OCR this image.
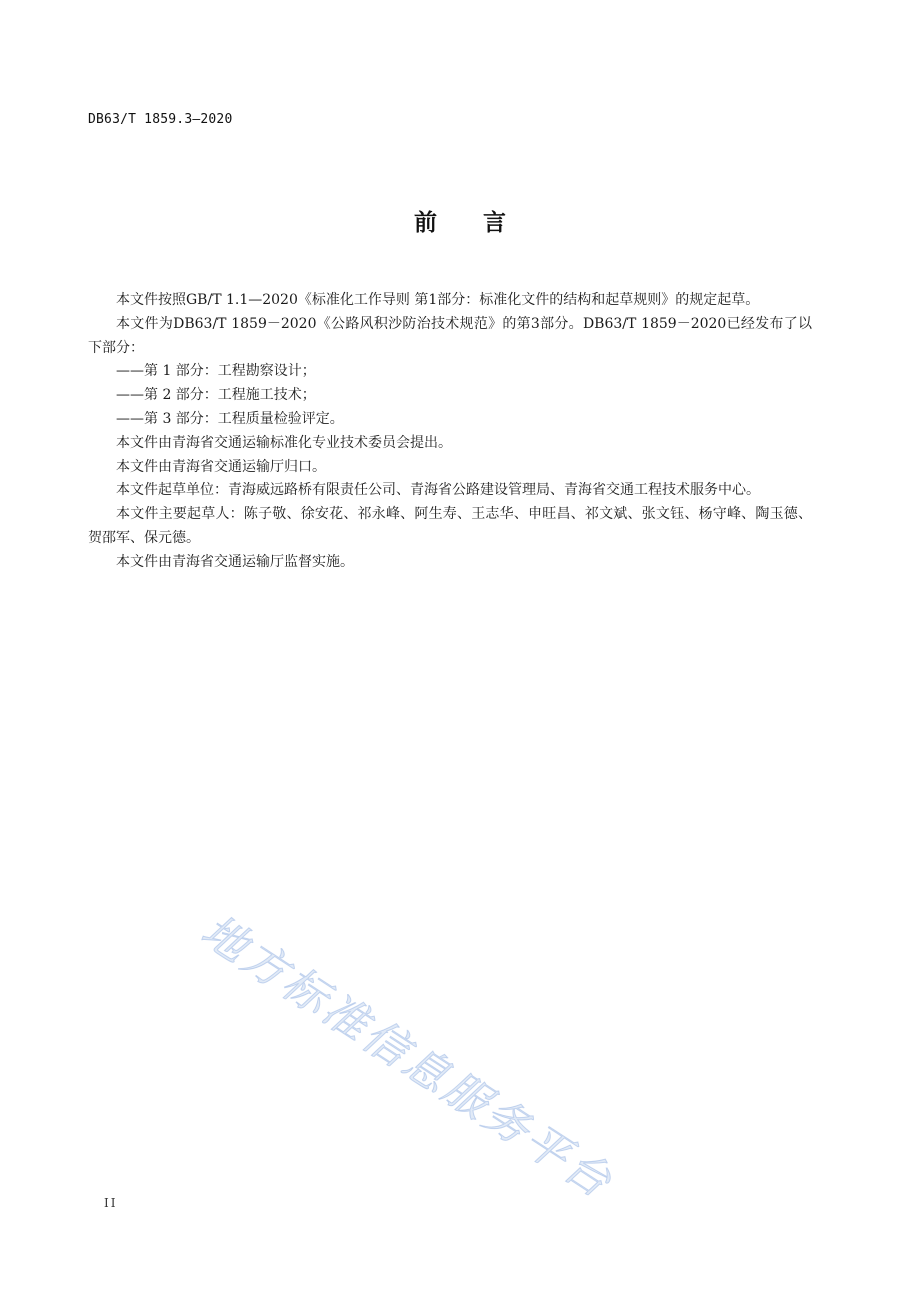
DB63/T 1859.3—2020
前 言

本文件按照GB/T 1.1—2020《标准化工作导则 第1部分：标准化文件的结构和起草规则》的规定起草。

本文件为DB63/T 1859－2020《公路风积沙防治技术规范》的第3部分。DB63/T 1859－2020已经发布了以下部分：

——第 1 部分：工程勘察设计；

——第 2 部分：工程施工技术；

——第 3 部分：工程质量检验评定。

本文件由青海省交通运输标准化专业技术委员会提出。

本文件由青海省交通运输厅归口。

本文件起草单位：青海威远路桥有限责任公司、青海省公路建设管理局、青海省交通工程技术服务中心。

本文件主要起草人：陈子敬、徐安花、祁永峰、阿生寿、王志华、申旺昌、祁文斌、张文钰、杨守峰、陶玉德、贺邵军、保元德。

本文件由青海省交通运输厅监督实施。

地方标准信息服务平台
II
